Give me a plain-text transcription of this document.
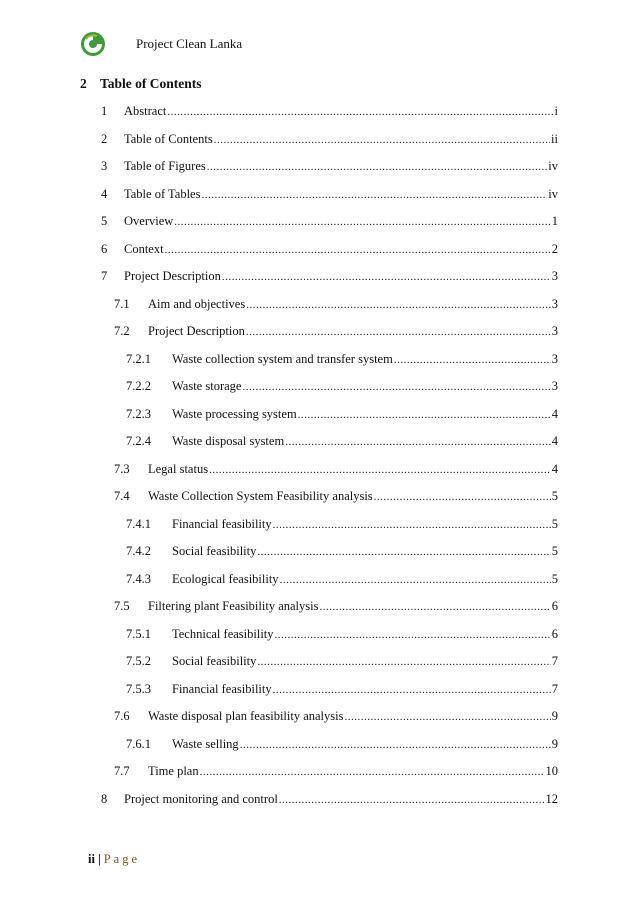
Project Clean Lanka
2 Table of Contents
1 Abstract .....	i
2 Table of Contents .....	ii
3 Table of Figures .....	iv
4 Table of Tables .....	iv
5 Overview .....	1
6 Context .....	2
7 Project Description .....	3
7.1 Aim and objectives .....	3
7.2 Project Description .....	3
7.2.1 Waste collection system and transfer system .....	3
7.2.2 Waste storage .....	3
7.2.3 Waste processing system .....	4
7.2.4 Waste disposal system .....	4
7.3 Legal status .....	4
7.4 Waste Collection System Feasibility analysis .....	5
7.4.1 Financial feasibility .....	5
7.4.2 Social feasibility .....	5
7.4.3 Ecological feasibility .....	5
7.5 Filtering plant Feasibility analysis .....	6
7.5.1 Technical feasibility .....	6
7.5.2 Social feasibility .....	7
7.5.3 Financial feasibility .....	7
7.6 Waste disposal plan feasibility analysis .....	9
7.6.1 Waste selling .....	9
7.7 Time plan .....	10
8 Project monitoring and control .....	12
ii | Page
